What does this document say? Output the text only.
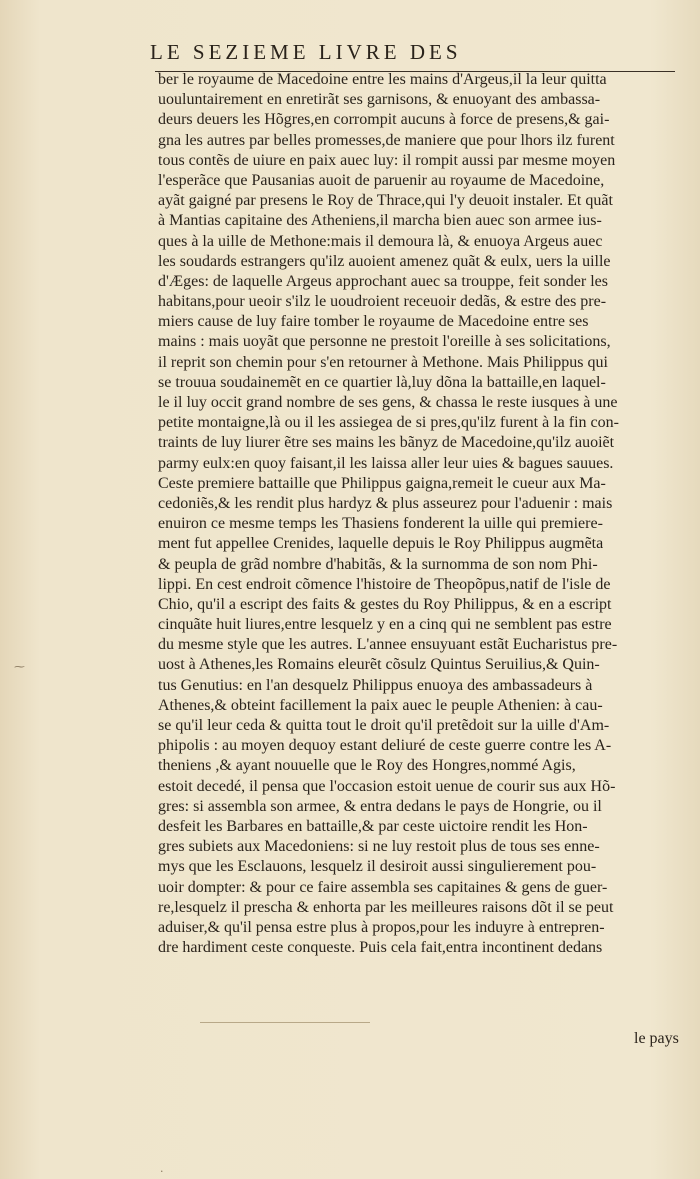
LE SEZIEME LIVRE DES
ber le royaume de Macedoine entre les mains d'Argeus,il la leur quitta
uouluntairement en enretirãt ses garnisons, & enuoyant des ambassa-
deurs deuers les Hõgres,en corrompit aucuns à force de presens,& gai-
gna les autres par belles promesses,de maniere que pour lhors ilz furent
tous contẽs de uiure en paix auec luy: il rompit aussi par mesme moyen
l'esperãce que Pausanias auoit de paruenir au royaume de Macedoine,
ayãt gaigné par presens le Roy de Thrace,qui l'y deuoit instaler. Et quãt
à Mantias capitaine des Atheniens,il marcha bien auec son armee ius-
ques à la uille de Methone:mais il demoura là, & enuoya Argeus auec
les soudards estrangers qu'ilz auoient amenez quãt & eulx, uers la uille
d'Æges: de laquelle Argeus approchant auec sa trouppe, feit sonder les
habitans,pour ueoir s'ilz le uoudroient receuoir dedãs, & estre des pre-
miers cause de luy faire tomber le royaume de Macedoine entre ses
mains : mais uoyãt que personne ne prestoit l'oreille à ses solicitations,
il reprit son chemin pour s'en retourner à Methone. Mais Philippus qui
se trouua soudainemẽt en ce quartier là,luy dõna la battaille,en laquel-
le il luy occit grand nombre de ses gens, & chassa le reste iusques à une
petite montaigne,là ou il les assiegea de si pres,qu'ilz furent à la fin con-
traints de luy liurer ẽtre ses mains les bãnyz de Macedoine,qu'ilz auoiẽt
parmy eulx:en quoy faisant,il les laissa aller leur uies & bagues sauues.
Ceste premiere battaille que Philippus gaigna,remeit le cueur aux Ma-
cedoniẽs,& les rendit plus hardyz & plus asseurez pour l'aduenir : mais
enuiron ce mesme temps les Thasiens fonderent la uille qui premiere-
ment fut appellee Crenides, laquelle depuis le Roy Philippus augmẽta
& peupla de grãd nombre d'habitãs, & la surnomma de son nom Phi-
lippi. En cest endroit cõmence l'histoire de Theopõpus,natif de l'isle de
Chio, qu'il a escript des faits & gestes du Roy Philippus, & en a escript
cinquãte huit liures,entre lesquelz y en a cinq qui ne semblent pas estre
du mesme style que les autres. L'annee ensuyuant estãt Eucharistus pre-
uost à Athenes,les Romains eleurẽt cõsulz Quintus Seruilius,& Quin-
tus Genutius: en l'an desquelz Philippus enuoya des ambassadeurs à
Athenes,& obteint facillement la paix auec le peuple Athenien: à cau-
se qu'il leur ceda & quitta tout le droit qu'il pretẽdoit sur la uille d'Am-
phipolis : au moyen dequoy estant deliuré de ceste guerre contre les A-
theniens ,& ayant nouuelle que le Roy des Hongres,nommé Agis,
estoit decedé, il pensa que l'occasion estoit uenue de courir sus aux Hõ-
gres: si assembla son armee, & entra dedans le pays de Hongrie, ou il
desfeit les Barbares en battaille,& par ceste uictoire rendit les Hon-
gres subiets aux Macedoniens: si ne luy restoit plus de tous ses enne-
mys que les Esclauons, lesquelz il desiroit aussi singulierement pou-
uoir dompter: & pour ce faire assembla ses capitaines & gens de guer-
re,lesquelz il prescha & enhorta par les meilleures raisons dõt il se peut
aduiser,& qu'il pensa estre plus à propos,pour les induyre à entrepren-
dre hardiment ceste conqueste. Puis cela fait,entra incontinent dedans
le pays
⁓
·
